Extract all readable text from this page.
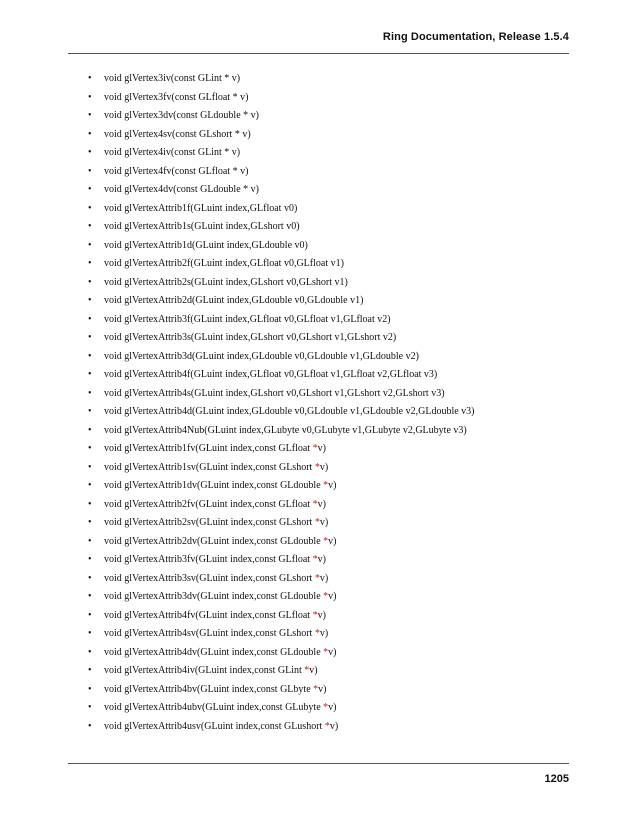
Ring Documentation, Release 1.5.4
• void glVertex3iv(const GLint * v)
• void glVertex3fv(const GLfloat * v)
• void glVertex3dv(const GLdouble * v)
• void glVertex4sv(const GLshort * v)
• void glVertex4iv(const GLint * v)
• void glVertex4fv(const GLfloat * v)
• void glVertex4dv(const GLdouble * v)
• void glVertexAttrib1f(GLuint index,GLfloat v0)
• void glVertexAttrib1s(GLuint index,GLshort v0)
• void glVertexAttrib1d(GLuint index,GLdouble v0)
• void glVertexAttrib2f(GLuint index,GLfloat v0,GLfloat v1)
• void glVertexAttrib2s(GLuint index,GLshort v0,GLshort v1)
• void glVertexAttrib2d(GLuint index,GLdouble v0,GLdouble v1)
• void glVertexAttrib3f(GLuint index,GLfloat v0,GLfloat v1,GLfloat v2)
• void glVertexAttrib3s(GLuint index,GLshort v0,GLshort v1,GLshort v2)
• void glVertexAttrib3d(GLuint index,GLdouble v0,GLdouble v1,GLdouble v2)
• void glVertexAttrib4f(GLuint index,GLfloat v0,GLfloat v1,GLfloat v2,GLfloat v3)
• void glVertexAttrib4s(GLuint index,GLshort v0,GLshort v1,GLshort v2,GLshort v3)
• void glVertexAttrib4d(GLuint index,GLdouble v0,GLdouble v1,GLdouble v2,GLdouble v3)
• void glVertexAttrib4Nub(GLuint index,GLubyte v0,GLubyte v1,GLubyte v2,GLubyte v3)
• void glVertexAttrib1fv(GLuint index,const GLfloat *v)
• void glVertexAttrib1sv(GLuint index,const GLshort *v)
• void glVertexAttrib1dv(GLuint index,const GLdouble *v)
• void glVertexAttrib2fv(GLuint index,const GLfloat *v)
• void glVertexAttrib2sv(GLuint index,const GLshort *v)
• void glVertexAttrib2dv(GLuint index,const GLdouble *v)
• void glVertexAttrib3fv(GLuint index,const GLfloat *v)
• void glVertexAttrib3sv(GLuint index,const GLshort *v)
• void glVertexAttrib3dv(GLuint index,const GLdouble *v)
• void glVertexAttrib4fv(GLuint index,const GLfloat *v)
• void glVertexAttrib4sv(GLuint index,const GLshort *v)
• void glVertexAttrib4dv(GLuint index,const GLdouble *v)
• void glVertexAttrib4iv(GLuint index,const GLint *v)
• void glVertexAttrib4bv(GLuint index,const GLbyte *v)
• void glVertexAttrib4ubv(GLuint index,const GLubyte *v)
• void glVertexAttrib4usv(GLuint index,const GLushort *v)
1205
